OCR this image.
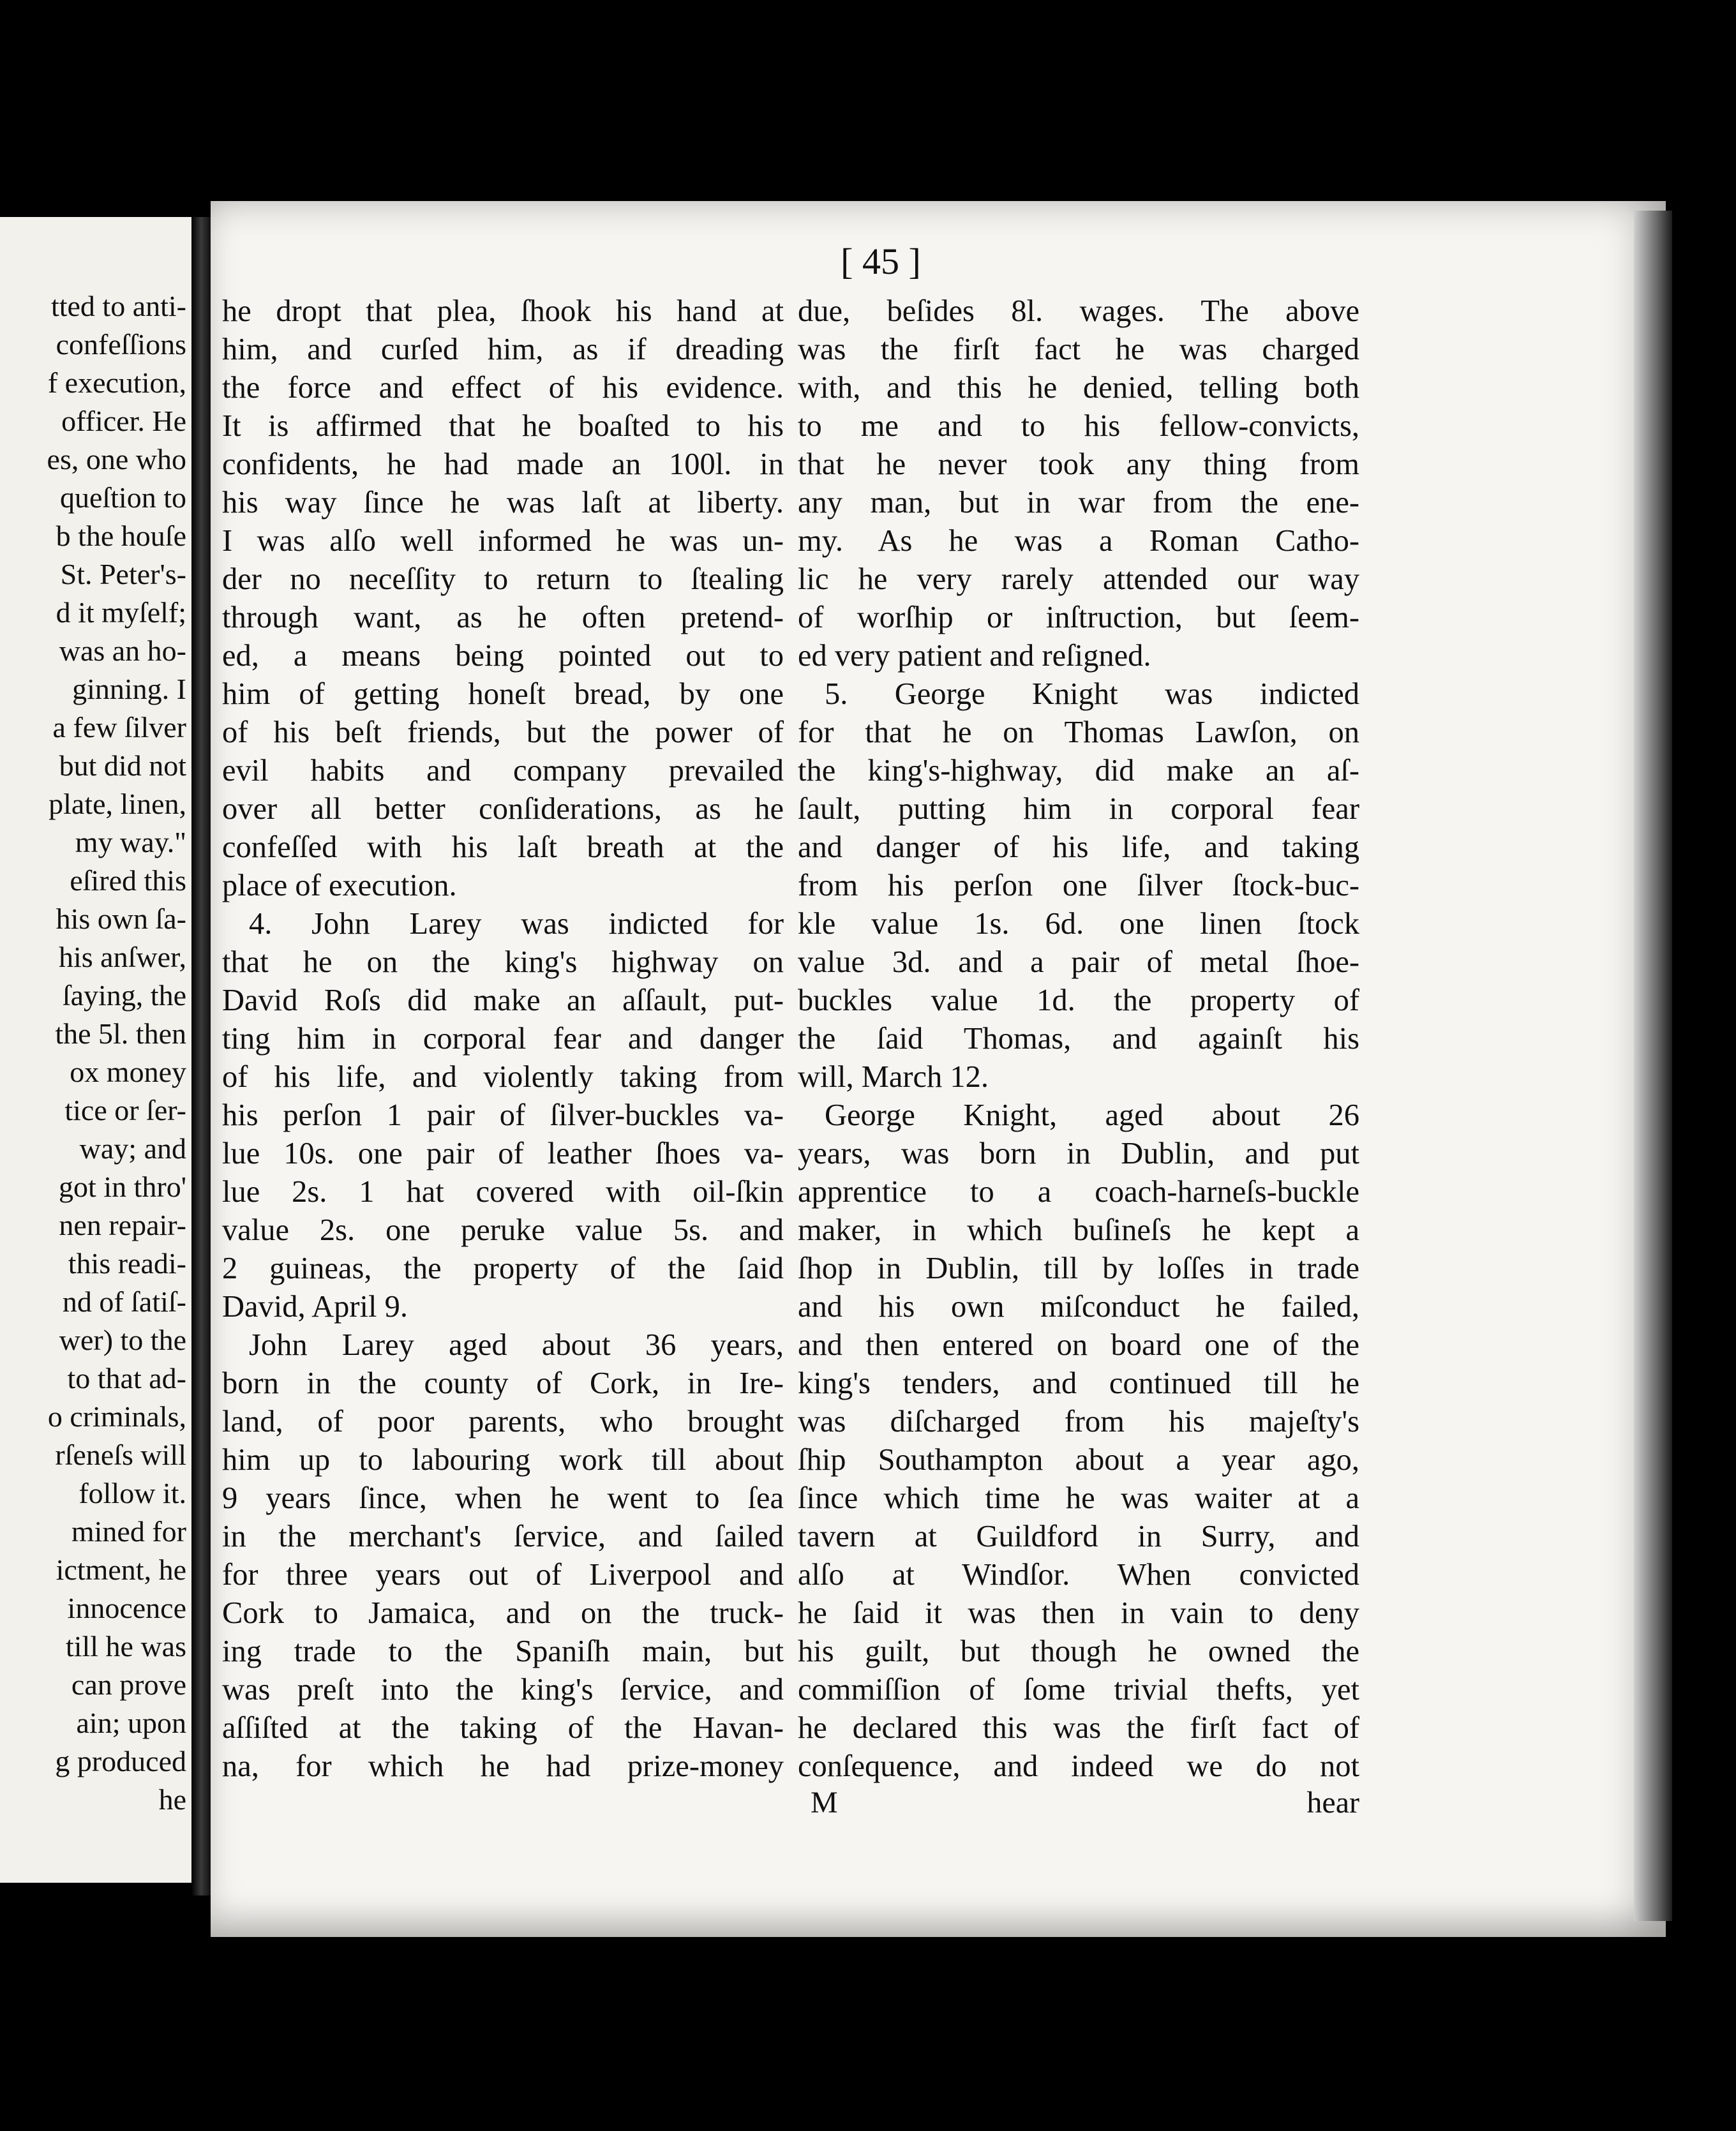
tted to anti-
confeſſions
f execution,
officer. He
es, one who
queſtion to
b the houſe
St. Peter's-
d it myſelf;
was an ho-
ginning. I
a few ſilver
but did not
plate, linen,
my way."
eſired this
his own ſa-
his anſwer,
ſaying, the
the 5l. then
ox money
tice or ſer-
way; and
got in thro'
nen repair-
this readi-
nd of ſatiſ-
wer) to the
to that ad-
o criminals,
rſeneſs will
follow it.
mined for
ictment, he
innocence
till he was
can prove
ain; upon
g produced
he
[ 45 ]
he dropt that plea, ſhook his hand at
him, and curſed him, as if dreading
the force and effect of his evidence.
It is affirmed that he boaſted to his
confidents, he had made an 100l. in
his way ſince he was laſt at liberty.
I was alſo well informed he was un-
der no neceſſity to return to ſtealing
through want, as he often pretend-
ed, a means being pointed out to
him of getting honeſt bread, by one
of his beſt friends, but the power of
evil habits and company prevailed
over all better conſiderations, as he
confeſſed with his laſt breath at the
place of execution.
4. John Larey was indicted for
that he on the king's highway on
David Roſs did make an aſſault, put-
ting him in corporal fear and danger
of his life, and violently taking from
his perſon 1 pair of ſilver-buckles va-
lue 10s. one pair of leather ſhoes va-
lue 2s. 1 hat covered with oil-ſkin
value 2s. one peruke value 5s. and
2 guineas, the property of the ſaid
David, April 9.
John Larey aged about 36 years,
born in the county of Cork, in Ire-
land, of poor parents, who brought
him up to labouring work till about
9 years ſince, when he went to ſea
in the merchant's ſervice, and ſailed
for three years out of Liverpool and
Cork to Jamaica, and on the truck-
ing trade to the Spaniſh main, but
was preſt into the king's ſervice, and
aſſiſted at the taking of the Havan-
na, for which he had prize-money
due, beſides 8l. wages. The above
was the firſt fact he was charged
with, and this he denied, telling both
to me and to his fellow-convicts,
that he never took any thing from
any man, but in war from the ene-
my. As he was a Roman Catho-
lic he very rarely attended our way
of worſhip or inſtruction, but ſeem-
ed very patient and reſigned.
5. George Knight was indicted
for that he on Thomas Lawſon, on
the king's-highway, did make an aſ-
ſault, putting him in corporal fear
and danger of his life, and taking
from his perſon one ſilver ſtock-buc-
kle value 1s. 6d. one linen ſtock
value 3d. and a pair of metal ſhoe-
buckles value 1d. the property of
the ſaid Thomas, and againſt his
will, March 12.
George Knight, aged about 26
years, was born in Dublin, and put
apprentice to a coach-harneſs-buckle
maker, in which buſineſs he kept a
ſhop in Dublin, till by loſſes in trade
and his own miſconduct he failed,
and then entered on board one of the
king's tenders, and continued till he
was diſcharged from his majeſty's
ſhip Southampton about a year ago,
ſince which time he was waiter at a
tavern at Guildford in Surry, and
alſo at Windſor. When convicted
he ſaid it was then in vain to deny
his guilt, but though he owned the
commiſſion of ſome trivial thefts, yet
he declared this was the firſt fact of
conſequence, and indeed we do not
M	hear
